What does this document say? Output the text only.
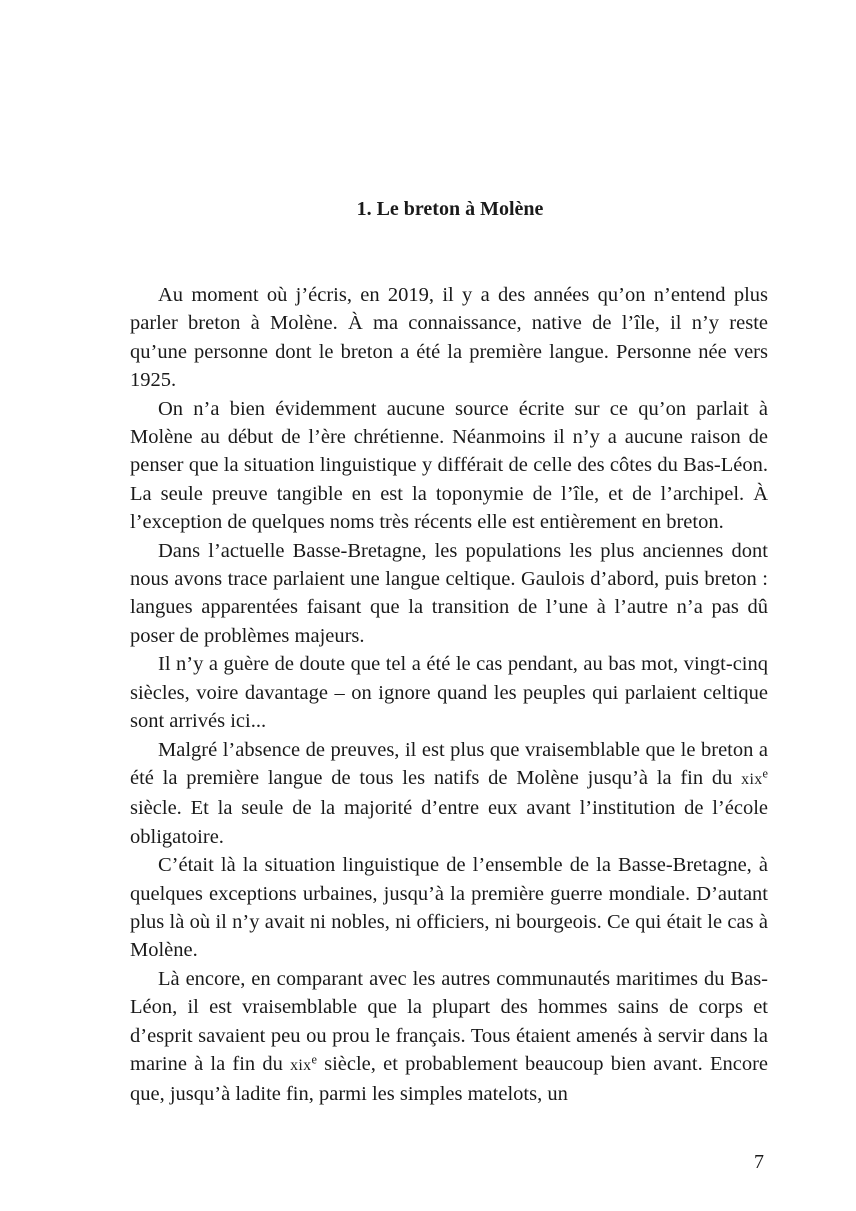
1. Le breton à Molène

Au moment où j’écris, en 2019, il y a des années qu’on n’entend plus parler breton à Molène. À ma connaissance, native de l’île, il n’y reste qu’une personne dont le breton a été la première langue. Personne née vers 1925.

On n’a bien évidemment aucune source écrite sur ce qu’on parlait à Molène au début de l’ère chrétienne. Néanmoins il n’y a aucune raison de penser que la situation linguistique y différait de celle des côtes du Bas-Léon. La seule preuve tangible en est la toponymie de l’île, et de l’archipel. À l’exception de quelques noms très récents elle est entièrement en breton.

Dans l’actuelle Basse-Bretagne, les populations les plus anciennes dont nous avons trace parlaient une langue celtique. Gaulois d’abord, puis breton : langues apparentées faisant que la transition de l’une à l’autre n’a pas dû poser de problèmes majeurs.

Il n’y a guère de doute que tel a été le cas pendant, au bas mot, vingt-cinq siècles, voire davantage – on ignore quand les peuples qui parlaient celtique sont arrivés ici...

Malgré l’absence de preuves, il est plus que vraisemblable que le breton a été la première langue de tous les natifs de Molène jusqu’à la fin du xix$^e$ siècle. Et la seule de la majorité d’entre eux avant l’institution de l’école obligatoire.

C’était là la situation linguistique de l’ensemble de la Basse-Bretagne, à quelques exceptions urbaines, jusqu’à la première guerre mondiale. D’autant plus là où il n’y avait ni nobles, ni officiers, ni bourgeois. Ce qui était le cas à Molène.

Là encore, en comparant avec les autres communautés maritimes du Bas-Léon, il est vraisemblable que la plupart des hommes sains de corps et d’esprit savaient peu ou prou le français. Tous étaient amenés à servir dans la marine à la fin du xix$^e$ siècle, et probablement beaucoup bien avant. Encore que, jusqu’à ladite fin, parmi les simples matelots, un

7
